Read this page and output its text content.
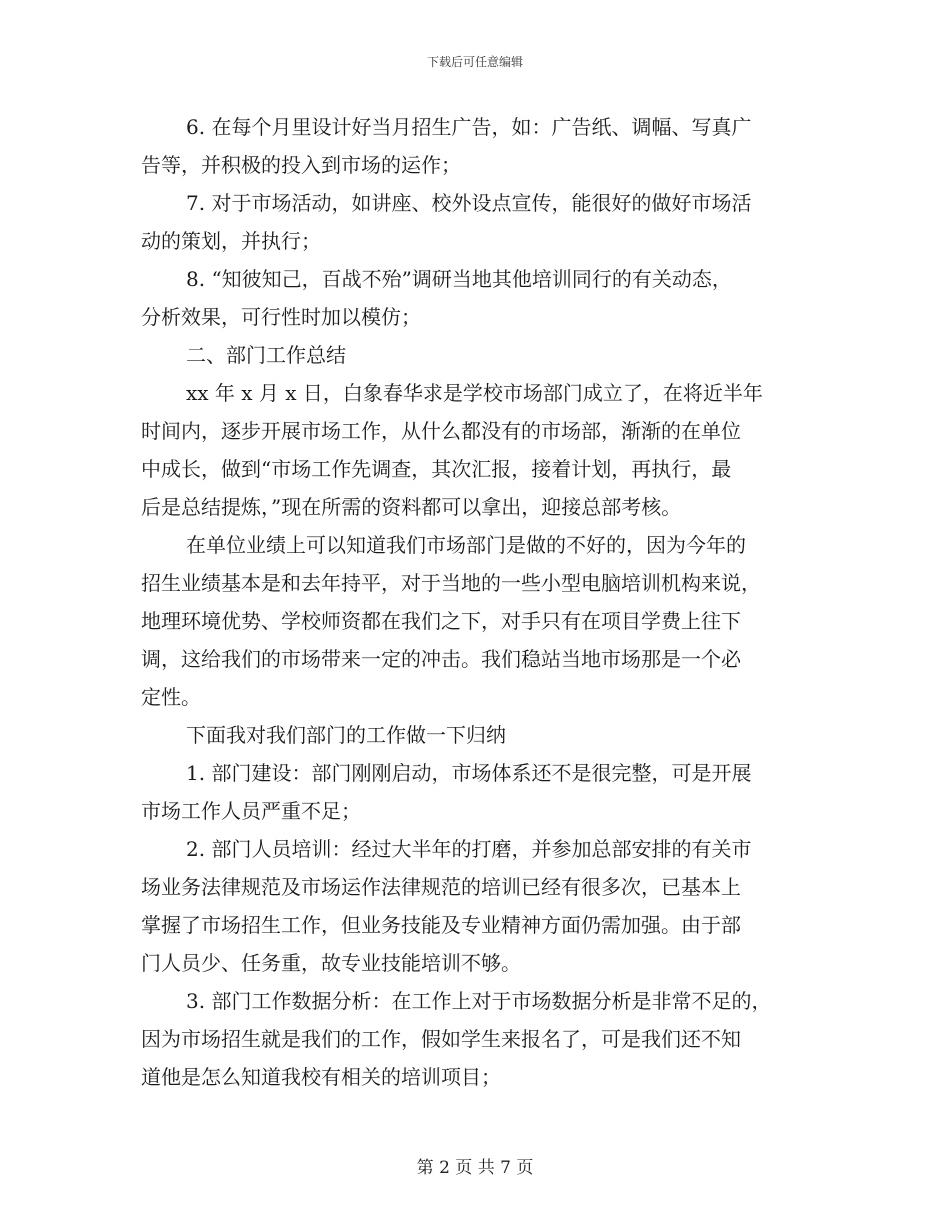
下载后可任意编辑
6. 在每个月里设计好当月招生广告，如：广告纸、调幅、写真广
告等，并积极的投入到市场的运作；
7. 对于市场活动，如讲座、校外设点宣传，能很好的做好市场活
动的策划，并执行；
8. “知彼知己，百战不殆”调研当地其他培训同行的有关动态，
分析效果，可行性时加以模仿；
二、部门工作总结
xx 年 x 月 x 日，白象春华求是学校市场部门成立了，在将近半年
时间内，逐步开展市场工作，从什么都没有的市场部，渐渐的在单位
中成长，做到“市场工作先调查，其次汇报，接着计划，再执行，最
后是总结提炼，”现在所需的资料都可以拿出，迎接总部考核。
在单位业绩上可以知道我们市场部门是做的不好的，因为今年的
招生业绩基本是和去年持平，对于当地的一些小型电脑培训机构来说，
地理环境优势、学校师资都在我们之下，对手只有在项目学费上往下
调，这给我们的市场带来一定的冲击。我们稳站当地市场那是一个必
定性。
下面我对我们部门的工作做一下归纳
1. 部门建设：部门刚刚启动，市场体系还不是很完整，可是开展
市场工作人员严重不足；
2. 部门人员培训：经过大半年的打磨，并参加总部安排的有关市
场业务法律规范及市场运作法律规范的培训已经有很多次，已基本上
掌握了市场招生工作，但业务技能及专业精神方面仍需加强。由于部
门人员少、任务重，故专业技能培训不够。
3. 部门工作数据分析：在工作上对于市场数据分析是非常不足的，
因为市场招生就是我们的工作，假如学生来报名了，可是我们还不知
道他是怎么知道我校有相关的培训项目；
第 2 页 共 7 页
